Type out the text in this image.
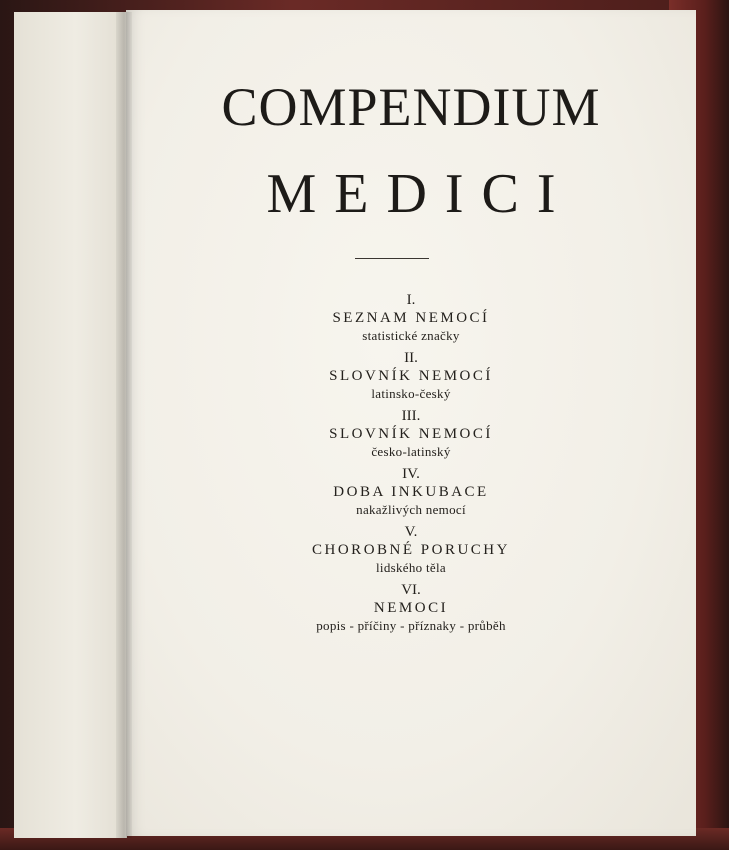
COMPENDIUM
MEDICI
I.
SEZNAM NEMOCÍ
statistické značky
II.
SLOVNÍK NEMOCÍ
latinsko-český
III.
SLOVNÍK NEMOCÍ
česko-latinský
IV.
DOBA INKUBACE
nakažlivých nemocí
V.
CHOROBNÉ PORUCHY
lidského těla
VI.
NEMOCI
popis - příčiny - příznaky - průběh
